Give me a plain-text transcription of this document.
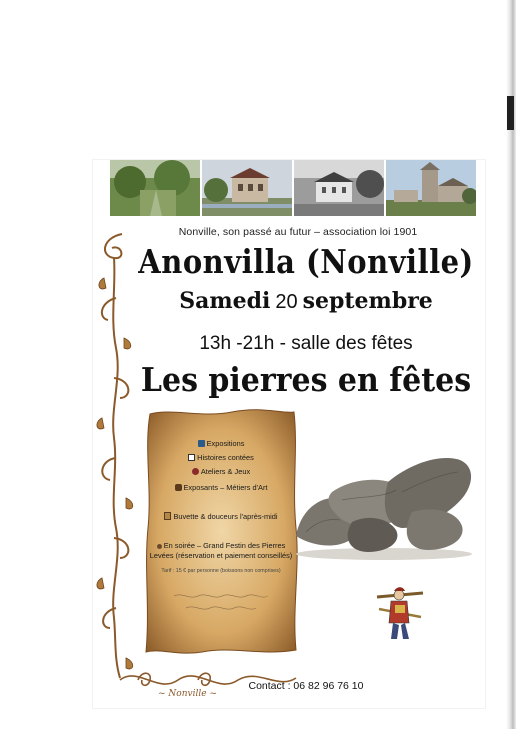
Nonville, son passé au futur – association loi 1901
Anonvilla (Nonville)
Samedi 20 septembre
13h -21h - salle des fêtes
Les pierres en fêtes
~ Nonville ~
Expositions
Histoires contées
Ateliers & Jeux
Exposants – Métiers d'Art
Buvette & douceurs l'après-midi
En soirée – Grand Festin des Pierres
Levées (réservation et paiement conseillés)
Tarif : 15 € par personne (boissons non comprises)
Contact : 06 82 96 76 10
